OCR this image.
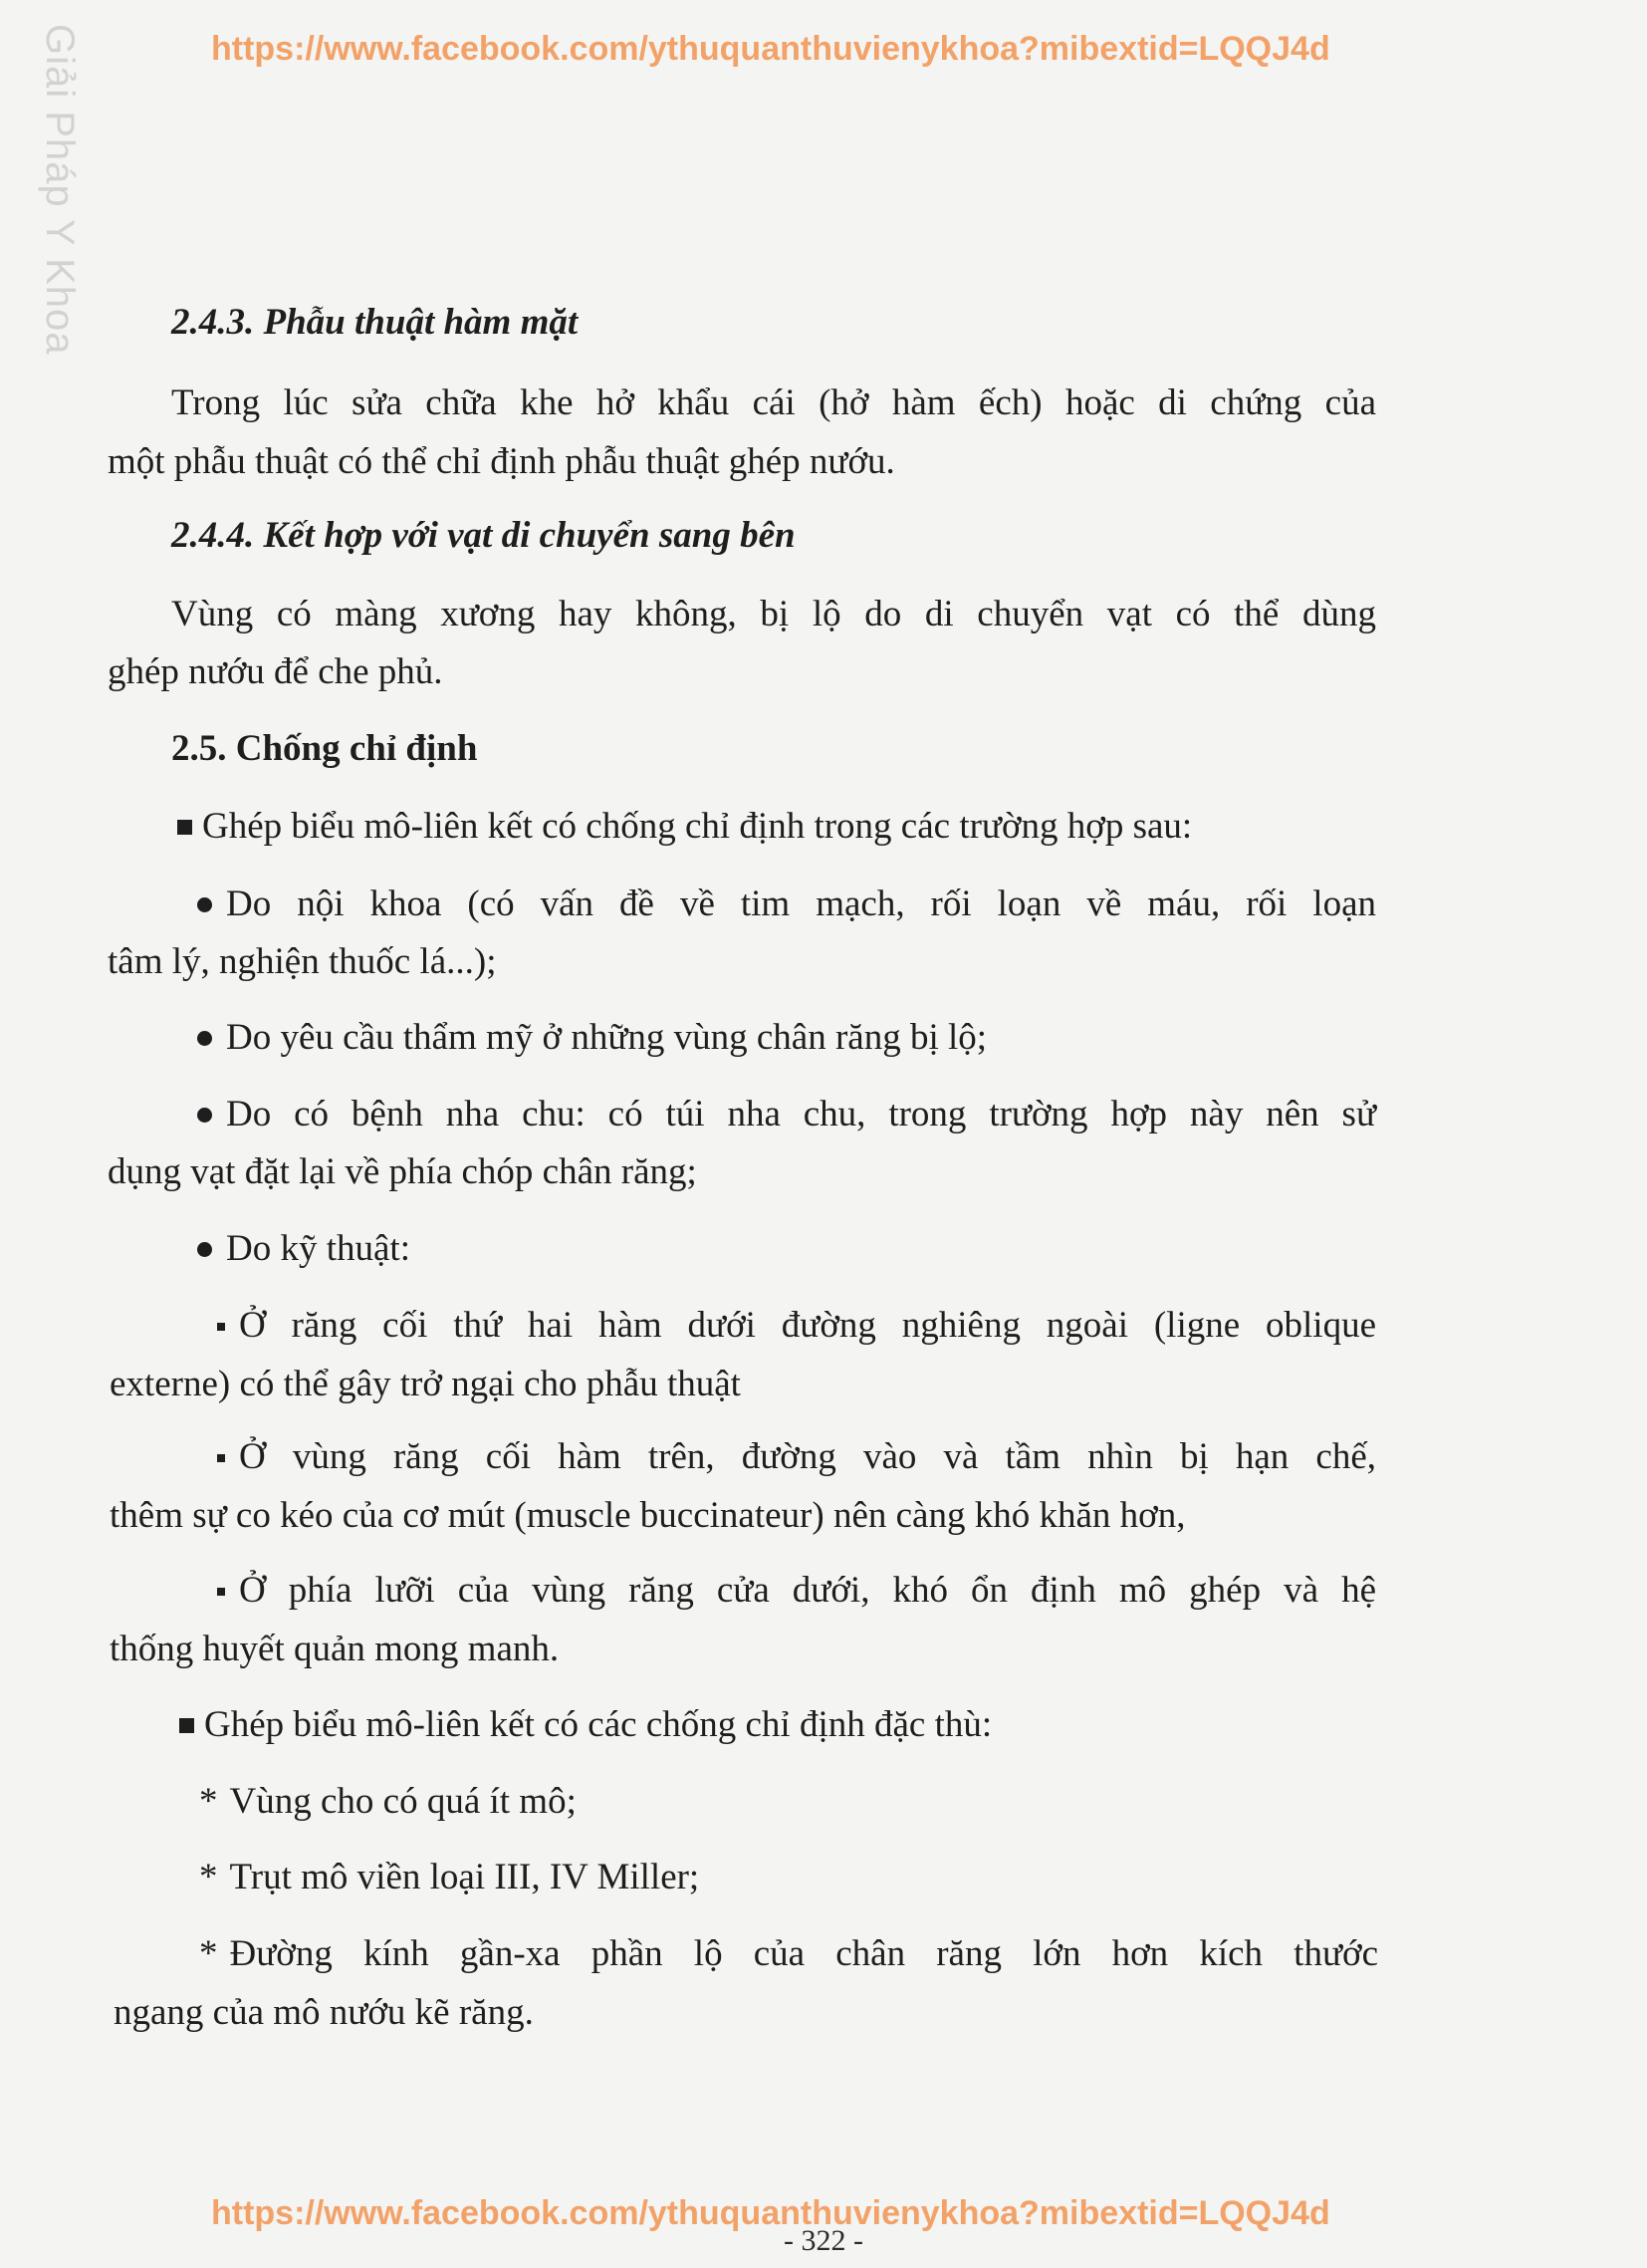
Giải Pháp Y Khoa	https://www.facebook.com/ythuquanthuvienykhoa?mibextid=LQQJ4d
2.4.3. Phẫu thuật hàm mặt
Trong lúc sửa chữa khe hở khẩu cái (hở hàm ếch) hoặc di chứng của
một phẫu thuật có thể chỉ định phẫu thuật ghép nướu.
2.4.4. Kết hợp với vạt di chuyển sang bên
Vùng có màng xương hay không, bị lộ do di chuyển vạt có thể dùng
ghép nướu để che phủ.
2.5. Chống chỉ định
Ghép biểu mô-liên kết có chống chỉ định trong các trường hợp sau:
Do nội khoa (có vấn đề về tim mạch, rối loạn về máu, rối loạn
tâm lý, nghiện thuốc lá...);
Do yêu cầu thẩm mỹ ở những vùng chân răng bị lộ;
Do có bệnh nha chu: có túi nha chu, trong trường hợp này nên sử
dụng vạt đặt lại về phía chóp chân răng;
Do kỹ thuật:
Ở răng cối thứ hai hàm dưới đường nghiêng ngoài (ligne oblique
externe) có thể gây trở ngại cho phẫu thuật
Ở vùng răng cối hàm trên, đường vào và tầm nhìn bị hạn chế,
thêm sự co kéo của cơ mút (muscle buccinateur) nên càng khó khăn hơn,
Ở phía lưỡi của vùng răng cửa dưới, khó ổn định mô ghép và hệ
thống huyết quản mong manh.
Ghép biểu mô-liên kết có các chống chỉ định đặc thù:
* Vùng cho có quá ít mô;
* Trụt mô viền loại III, IV Miller;
* Đường kính gần-xa phần lộ của chân răng lớn hơn kích thước
ngang của mô nướu kẽ răng.
https://www.facebook.com/ythuquanthuvienykhoa?mibextid=LQQJ4d
- 322 -
